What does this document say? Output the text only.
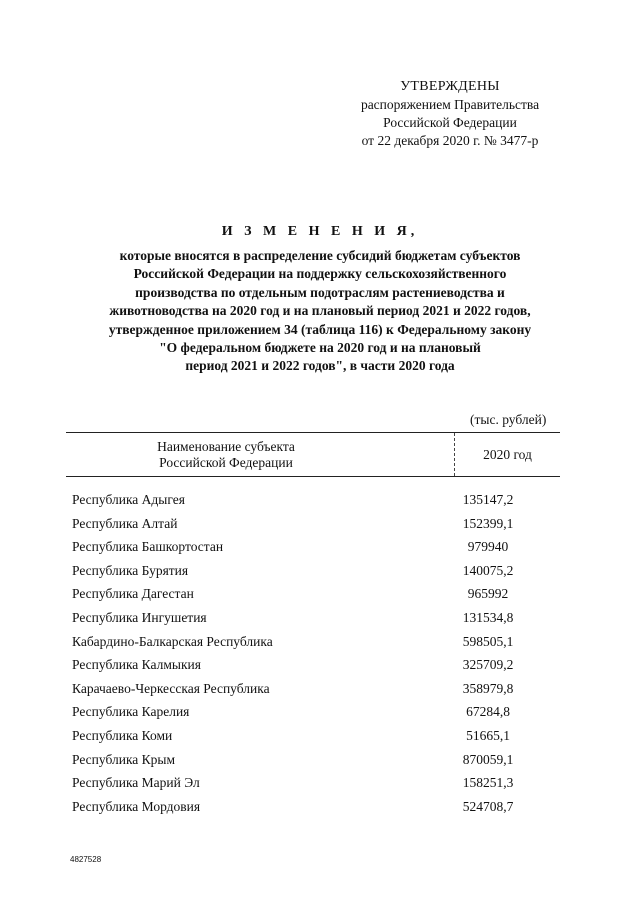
УТВЕРЖДЕНЫ
распоряжением Правительства
Российской Федерации
от 22 декабря 2020 г. № 3477-р
И З М Е Н Е Н И Я,
которые вносятся в распределение субсидий бюджетам субъектов
Российской Федерации на поддержку сельскохозяйственного
производства по отдельным подотраслям растениеводства и
животноводства на 2020 год и на плановый период 2021 и 2022 годов,
утвержденное приложением 34 (таблица 116) к Федеральному закону
"О федеральном бюджете на 2020 год и на плановый
период 2021 и 2022 годов", в части 2020 года
(тыс. рублей)
Наименование субъекта
Российской Федерации
2020 год
Республика Адыгея	135147,2
Республика Алтай	152399,1
Республика Башкортостан	979940
Республика Бурятия	140075,2
Республика Дагестан	965992
Республика Ингушетия	131534,8
Кабардино-Балкарская Республика	598505,1
Республика Калмыкия	325709,2
Карачаево-Черкесская Республика	358979,8
Республика Карелия	67284,8
Республика Коми	51665,1
Республика Крым	870059,1
Республика Марий Эл	158251,3
Республика Мордовия	524708,7
4827528
